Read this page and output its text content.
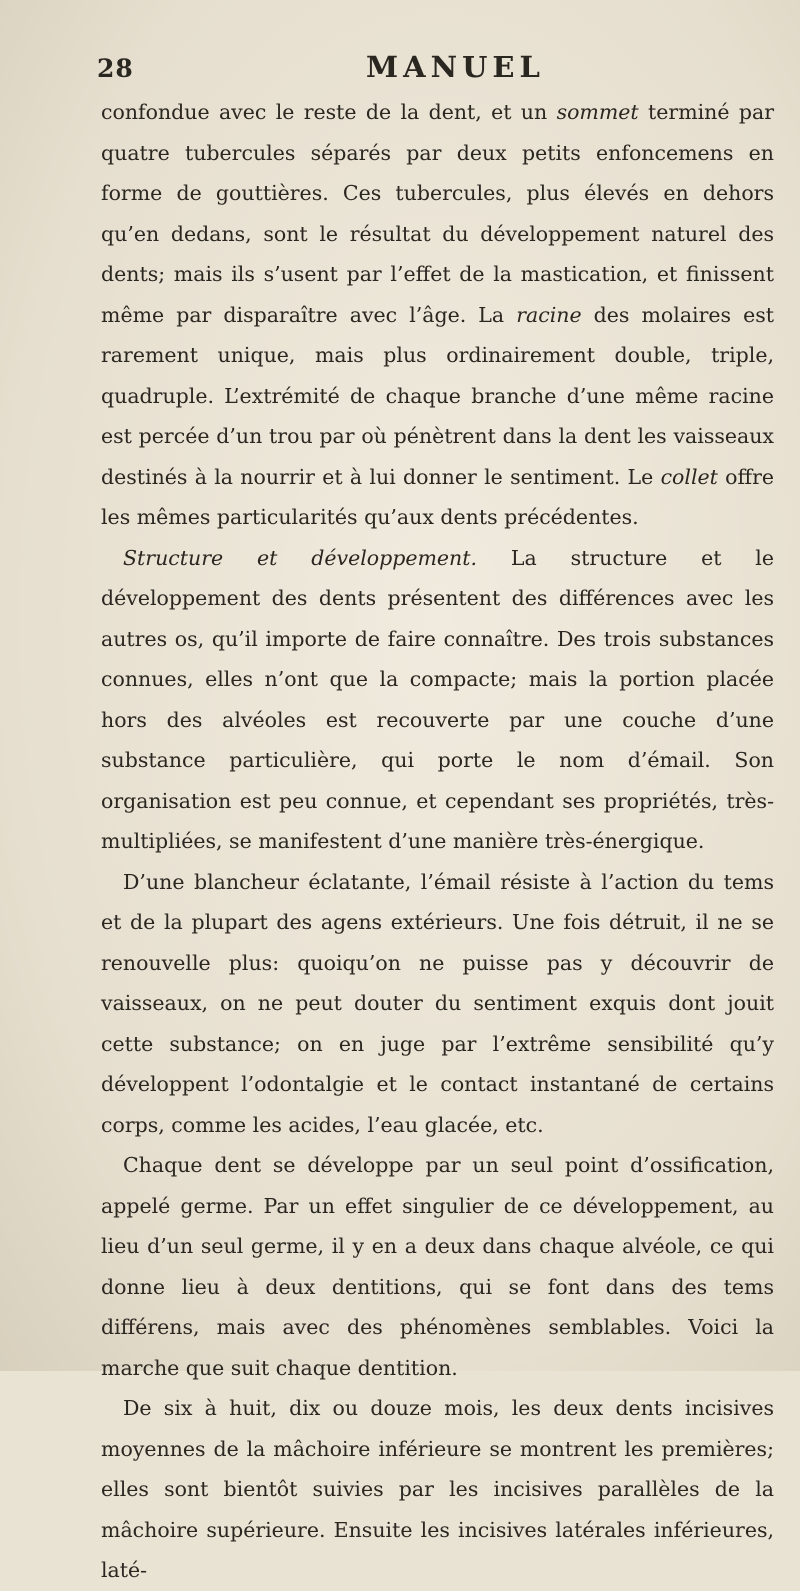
28	MANUEL

confondue avec le reste de la dent, et un sommet terminé par quatre tubercules séparés par deux petits enfoncemens en forme de gouttières. Ces tubercules, plus élevés en dehors qu’en dedans, sont le résultat du développement naturel des dents; mais ils s’usent par l’effet de la mastication, et finissent même par disparaître avec l’âge. La racine des molaires est rarement unique, mais plus ordinairement double, triple, quadruple. L’extrémité de chaque branche d’une même racine est percée d’un trou par où pénètrent dans la dent les vaisseaux destinés à la nourrir et à lui donner le sentiment. Le collet offre les mêmes particularités qu’aux dents précédentes.

Structure et développement. La structure et le développement des dents présentent des différences avec les autres os, qu’il importe de faire connaître. Des trois substances connues, elles n’ont que la compacte; mais la portion placée hors des alvéoles est recouverte par une couche d’une substance particulière, qui porte le nom d’émail. Son organisation est peu connue, et cependant ses propriétés, très-multipliées, se manifestent d’une manière très-énergique.

D’une blancheur éclatante, l’émail résiste à l’action du tems et de la plupart des agens extérieurs. Une fois détruit, il ne se renouvelle plus: quoiqu’on ne puisse pas y découvrir de vaisseaux, on ne peut douter du sentiment exquis dont jouit cette substance; on en juge par l’extrême sensibilité qu’y développent l’odontalgie et le contact instantané de certains corps, comme les acides, l’eau glacée, etc.

Chaque dent se développe par un seul point d’ossification, appelé germe. Par un effet singulier de ce développement, au lieu d’un seul germe, il y en a deux dans chaque alvéole, ce qui donne lieu à deux dentitions, qui se font dans des tems différens, mais avec des phénomènes semblables. Voici la marche que suit chaque dentition.

De six à huit, dix ou douze mois, les deux dents incisives moyennes de la mâchoire inférieure se montrent les premières; elles sont bientôt suivies par les incisives parallèles de la mâchoire supérieure. Ensuite les incisives latérales inférieures, laté-
